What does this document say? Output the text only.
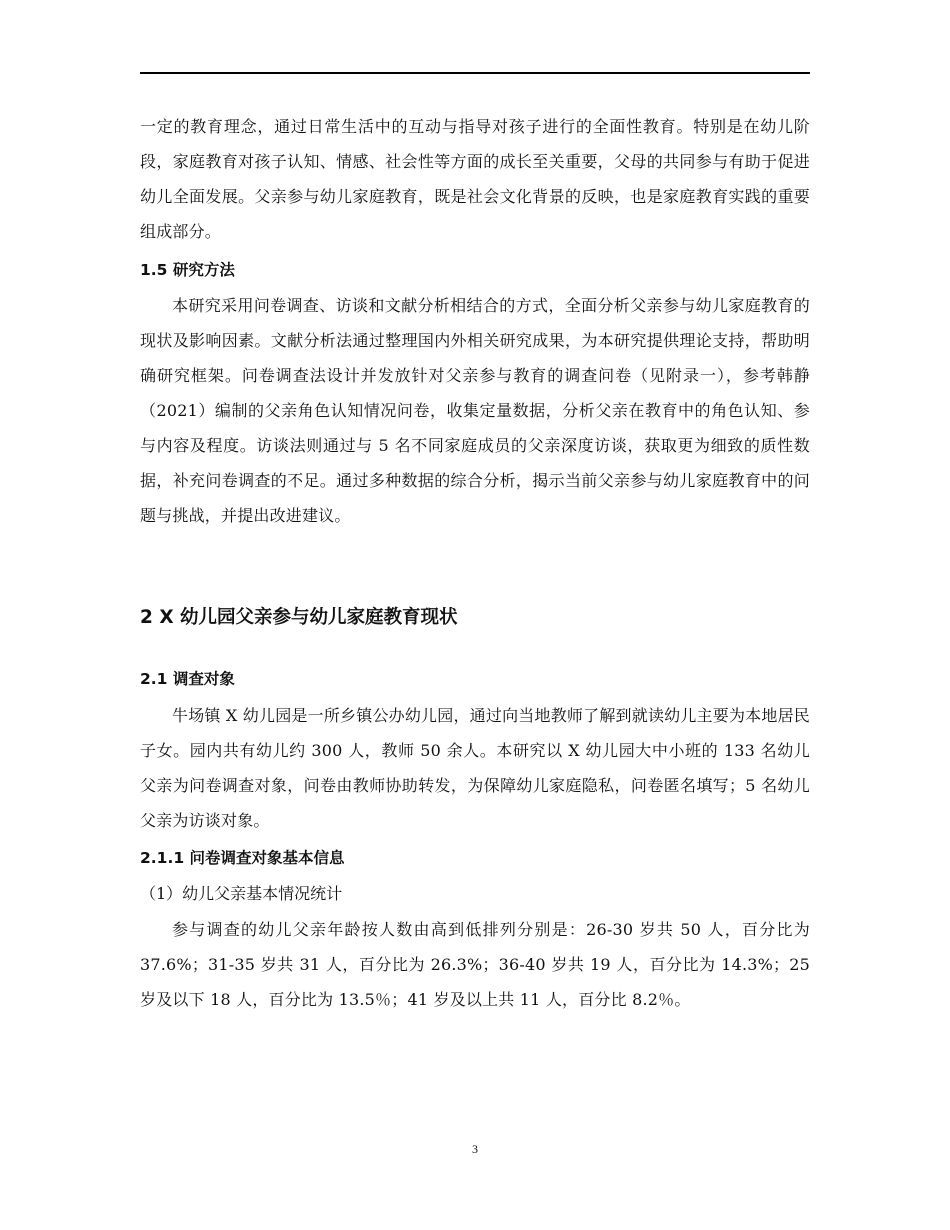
一定的教育理念，通过日常生活中的互动与指导对孩子进行的全面性教育。特别是在幼儿阶段，家庭教育对孩子认知、情感、社会性等方面的成长至关重要，父母的共同参与有助于促进幼儿全面发展。父亲参与幼儿家庭教育，既是社会文化背景的反映，也是家庭教育实践的重要组成部分。

1.5 研究方法

本研究采用问卷调查、访谈和文献分析相结合的方式，全面分析父亲参与幼儿家庭教育的现状及影响因素。文献分析法通过整理国内外相关研究成果，为本研究提供理论支持，帮助明确研究框架。问卷调查法设计并发放针对父亲参与教育的调查问卷（见附录一），参考韩静（2021）编制的父亲角色认知情况问卷，收集定量数据，分析父亲在教育中的角色认知、参与内容及程度。访谈法则通过与 5 名不同家庭成员的父亲深度访谈，获取更为细致的质性数据，补充问卷调查的不足。通过多种数据的综合分析，揭示当前父亲参与幼儿家庭教育中的问题与挑战，并提出改进建议。

2 X 幼儿园父亲参与幼儿家庭教育现状

2.1 调查对象

牛场镇 X 幼儿园是一所乡镇公办幼儿园，通过向当地教师了解到就读幼儿主要为本地居民子女。园内共有幼儿约 300 人，教师 50 余人。本研究以 X 幼儿园大中小班的 133 名幼儿父亲为问卷调查对象，问卷由教师协助转发，为保障幼儿家庭隐私，问卷匿名填写；5 名幼儿父亲为访谈对象。

2.1.1 问卷调查对象基本信息

（1）幼儿父亲基本情况统计

参与调查的幼儿父亲年龄按人数由高到低排列分别是：26-30 岁共 50 人，百分比为 37.6%；31-35 岁共 31 人，百分比为 26.3%；36-40 岁共 19 人，百分比为 14.3%；25 岁及以下 18 人，百分比为 13.5％；41 岁及以上共 11 人，百分比 8.2％。

3
